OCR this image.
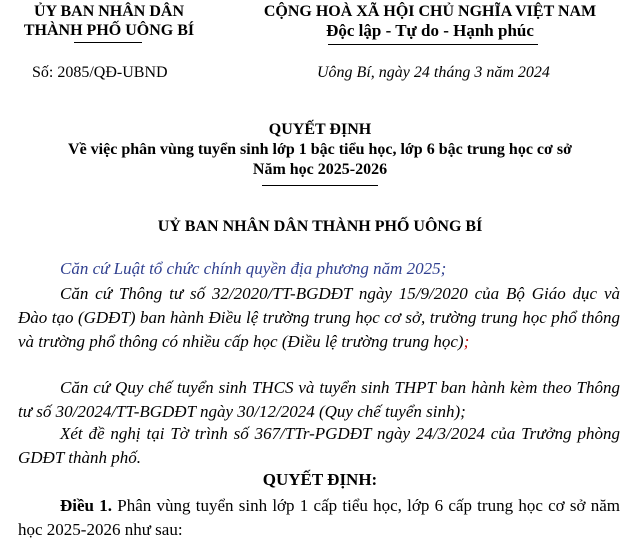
ỦY BAN NHÂN DÂN
THÀNH PHỐ UÔNG BÍ
CỘNG HOÀ XÃ HỘI CHỦ NGHĨA VIỆT NAM
Độc lập - Tự do - Hạnh phúc
Số: 2085/QĐ-UBND	Uông Bí, ngày 24 tháng 3 năm 2024
QUYẾT ĐỊNH
Về việc phân vùng tuyển sinh lớp 1 bậc tiểu học, lớp 6 bậc trung học cơ sở
Năm học 2025-2026
UỶ BAN NHÂN DÂN THÀNH PHỐ UÔNG BÍ
Căn cứ Luật tổ chức chính quyền địa phương năm 2025;
Căn cứ Thông tư số 32/2020/TT-BGDĐT ngày 15/9/2020 của Bộ Giáo dục và Đào tạo (GDĐT) ban hành Điều lệ trường trung học cơ sở, trường trung học phổ thông và trường phổ thông có nhiều cấp học (Điều lệ trường trung học);
Căn cứ Quy chế tuyển sinh THCS và tuyển sinh THPT ban hành kèm theo Thông tư số 30/2024/TT-BGDĐT ngày 30/12/2024 (Quy chế tuyển sinh);
Xét đề nghị tại Tờ trình số 367/TTr-PGDĐT ngày 24/3/2024 của Trưởng phòng GDĐT thành phố.
QUYẾT ĐỊNH:
Điều 1. Phân vùng tuyển sinh lớp 1 cấp tiểu học, lớp 6 cấp trung học cơ sở năm học 2025-2026 như sau:
